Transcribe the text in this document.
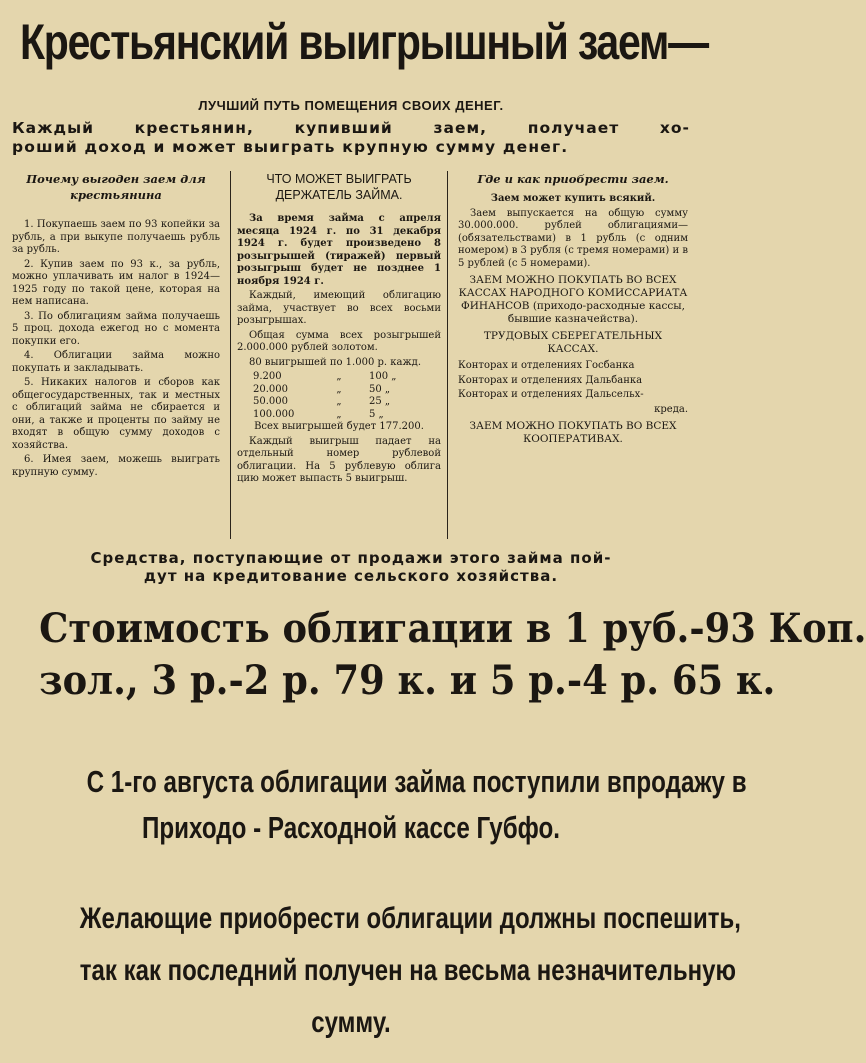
Крестьянский выигрышный заем—
ЛУЧШИЙ ПУТЬ ПОМЕЩЕНИЯ СВОИХ ДЕНЕГ.
Каждый крестьянин, купивший заем, получает хо-
роший доход и может выиграть крупную сумму денег.
Почему выгоден заем для
крестьянина

1. Покупаешь заем по 93 копейки за рубль, а при выкупе получаешь рубль за рубль.

2. Купив заем по 93 к., за рубль, можно уплачивать им налог в 1924—1925 году по такой цене, которая на нем написана.

3. По облигациям займа получаешь 5 проц. дохода ежегод но с момента покупки его.

4. Облигации займа можно покупать и закладывать.

5. Никаких налогов и сборов как общегосударственных, так и местных с облигаций займа не сбирается и они, а также и проценты по займу не входят в общую сумму доходов с хозяйства.

6. Имея заем, можешь выиграть крупную сумму.

ЧТО МОЖЕТ ВЫИГРАТЬ
ДЕРЖАТЕЛЬ ЗАЙМА.

За время займа с апреля месяца 1924 г. по 31 декабря 1924 г. будет произведено 8 розыгрышей (тиражей) первый розыгрыш будет не позднее 1 ноября 1924 г.

Каждый, имеющий облигацию займа, участвует во всех восьми розыгрышах.

Общая сумма всех розыгрышей 2.000.000 рублей золотом.

80 выигрышей по 1.000 р. кажд.

9.200	„	100 „
20.000	„	50 „
50.000	„	25 „
100.000	„	5 „

Всех выигрышей будет 177.200.

Каждый выигрыш падает на отдельный номер рублевой облигации. На 5 рублевую облига цию может выпасть 5 выигрыш.

Где и как приобрести заем.

Заем может купить всякий.

Заем выпускается на общую сумму 30.000.000. рублей облигациями—(обязательствами) в 1 рубль (с одним номером) в 3 рубля (с тремя номерами) и в 5 рублей (с 5 номерами).

ЗАЕМ МОЖНО ПОКУПАТЬ ВО ВСЕХ КАССАХ НАРОДНОГО КОМИССАРИАТА ФИНАНСОВ (приходо-расходные кассы, бывшие казначейства).
ТРУДОВЫХ СБЕРЕГАТЕЛЬНЫХ КАССАХ.
Конторах и отделениях Госбанка
Конторах и отделениях Дальбанка
Конторах и отделениях Дальсельх-
креда.
ЗАЕМ МОЖНО ПОКУПАТЬ ВО ВСЕХ КООПЕРАТИВАХ.
Средства, поступающие от продажи этого займа пой-
дут на кредитование сельского хозяйства.
Стоимость облигации в 1 руб.-93 Коп.
зол., 3 р.-2 р. 79 к. и 5 р.-4 р. 65 к.
С 1-го августа облигации займа поступили впродажу в
Приходо - Расходной кассе Губфо.
Желающие приобрести облигации должны поспешить,
так как последний получен на весьма незначительную
сумму.
